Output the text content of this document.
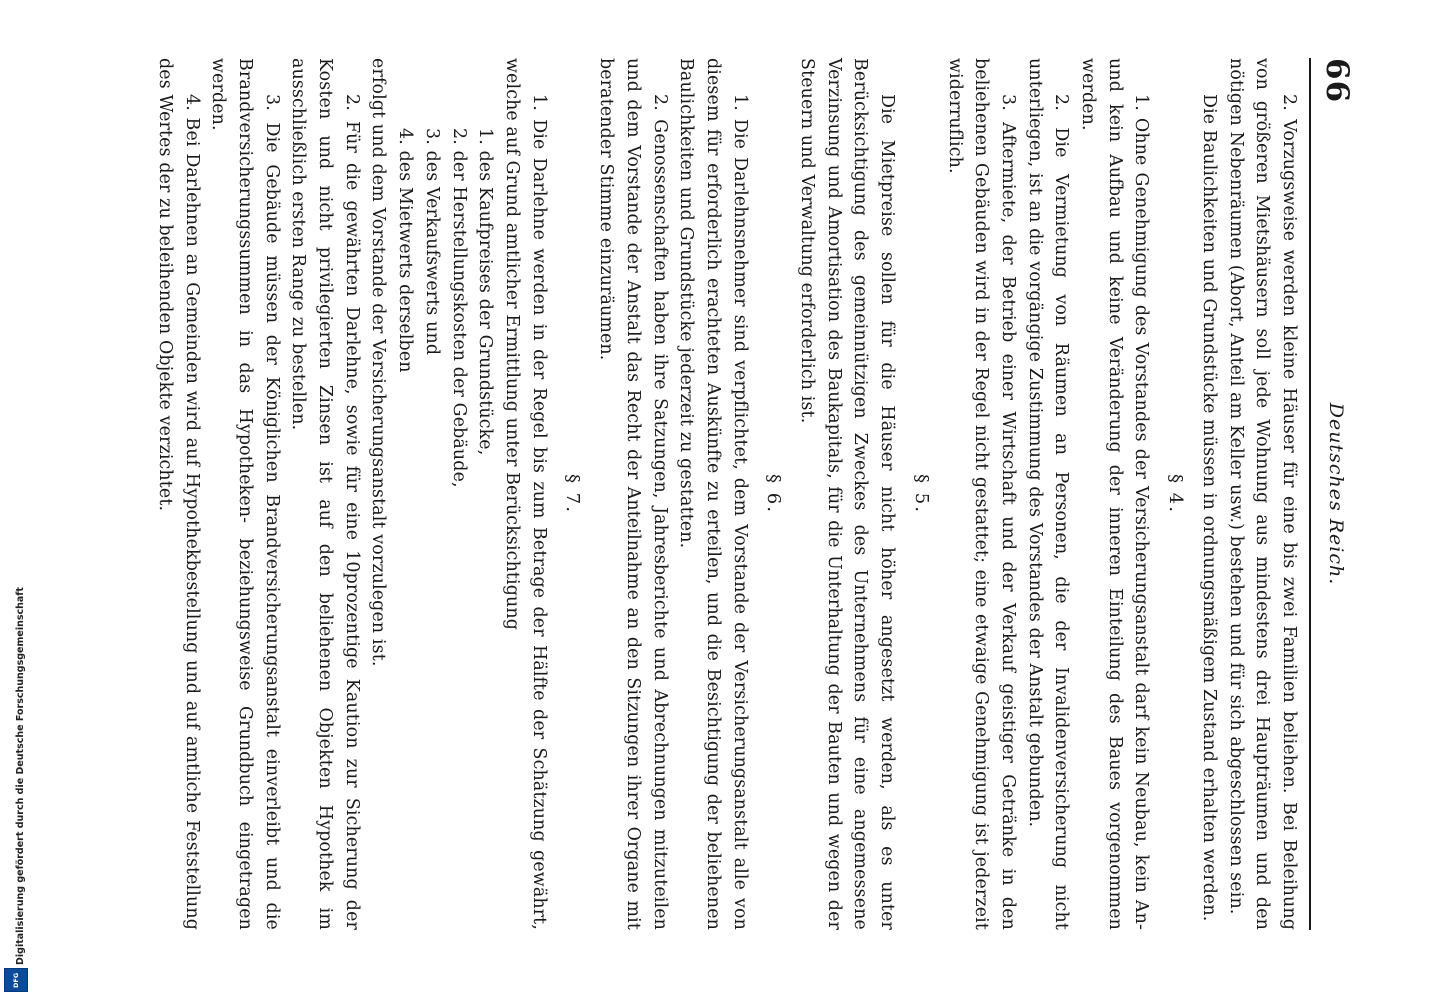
66
Deutsches Reich.

2. Vorzugsweise werden kleine Häuser für eine bis zwei Familien beliehen. Bei Beleihung von größeren Mietshäusern soll jede Wohnung aus mindestens drei Haupträumen und den nötigen Nebenräumen (Abort, Anteil am Keller usw.) bestehen und für sich abgeschlossen sein.

Die Baulichkeiten und Grundstücke müssen in ordnungsmäßigem Zustand erhalten werden.

§ 4.

1. Ohne Genehmigung des Vorstandes der Versicherungsanstalt darf kein Neubau, kein An- und kein Aufbau und keine Veränderung der inneren Einteilung des Baues vorgenommen werden.

2. Die Vermietung von Räumen an Personen, die der Invalidenversicherung nicht unterliegen, ist an die vorgängige Zustimmung des Vorstandes der Anstalt gebunden.

3. Aftermiete, der Betrieb einer Wirtschaft und der Verkauf geistiger Getränke in den beliehenen Gebäuden wird in der Regel nicht gestattet; eine etwaige Genehmigung ist jederzeit widerruflich.

§ 5.

Die Mietpreise sollen für die Häuser nicht höher angesetzt werden, als es unter Berücksichtigung des gemeinnützigen Zweckes des Unternehmens für eine angemessene Verzinsung und Amortisation des Baukapitals, für die Unterhaltung der Bauten und wegen der Steuern und Verwaltung erforderlich ist.

§ 6.

1. Die Darlehnsnehmer sind verpflichtet, dem Vorstande der Versicherungsanstalt alle von diesem für erforderlich erachteten Auskünfte zu erteilen, und die Besichtigung der beliehenen Baulichkeiten und Grundstücke jederzeit zu gestatten.

2. Genossenschaften haben ihre Satzungen, Jahresberichte und Abrechnungen mitzuteilen und dem Vorstande der Anstalt das Recht der Anteilnahme an den Sitzungen ihrer Organe mit beratender Stimme einzuräumen.

§ 7.

1. Die Darlehne werden in der Regel bis zum Betrage der Hälfte der Schätzung gewährt, welche auf Grund amtlicher Ermittlung unter Berücksichtigung

1. des Kaufpreises der Grundstücke,

2. der Herstellungskosten der Gebäude,

3. des Verkaufswerts und

4. des Mietwerts derselben

erfolgt und dem Vorstande der Versicherungsanstalt vorzulegen ist.

2. Für die gewährten Darlehne, sowie für eine 10prozentige Kaution zur Sicherung der Kosten und nicht privilegierten Zinsen ist auf den beliehenen Objekten Hypothek im ausschließlich ersten Range zu bestellen.

3. Die Gebäude müssen der Königlichen Brandversicherungsanstalt einverleibt und die Brandversicherungssummen in das Hypotheken- beziehungsweise Grundbuch eingetragen werden.

4. Bei Darlehnen an Gemeinden wird auf Hypothekbestellung und auf amtliche Feststellung des Wertes der zu beleihenden Objekte verzichtet.

Digitalisierung gefördert durch die Deutsche Forschungsgemeinschaft
DFG
